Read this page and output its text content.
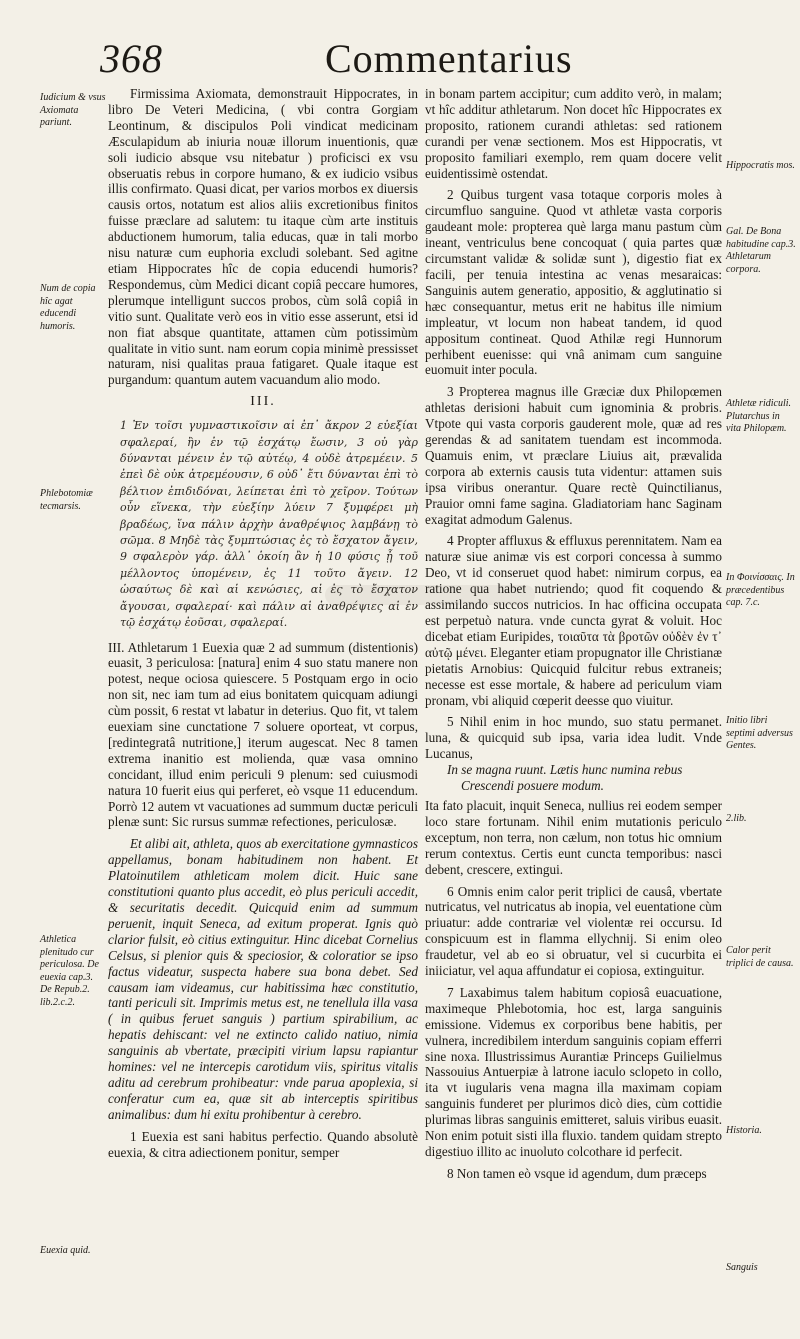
368	Commentarius

Firmissima Axiomata, demonstrauit Hippocrates, in libro De Veteri Medicina, ( vbi contra Gorgiam Leontinum, & discipulos Poli vindicat medicinam Æsculapidum ab iniuria nouæ illorum inuentionis, quæ soli iudicio absque vsu nitebatur ) proficisci ex vsu obseruatis rebus in corpore humano, & ex iudicio vsibus illis confirmato. Quasi dicat, per varios morbos ex diuersis causis ortos, notatum est alios aliis excretionibus finitos fuisse præclare ad salutem: tu itaque cùm arte instituis abductionem humorum, talia educas, quæ in tali morbo nisu naturæ cum euphoria excludi solebant. Sed agitne etiam Hippocrates hîc de copia educendi humoris? Respondemus, cùm Medici dicant copiâ peccare humores, plerumque intelligunt succos probos, cùm solâ copiâ in vitio sunt. Qualitate verò eos in vitio esse asserunt, etsi id non fiat absque quantitate, attamen cùm potissimùm qualitate in vitio sunt. nam eorum copia minimè pressisset naturam, nisi qualitas praua fatigaret. Quale itaque est purgandum: quantum autem vacuandum alio modo.

III.

1 Ἐν τοῖσι γυμναστικοῖσιν αἱ ἐπ᾽ ἄκρον 2 εὐεξίαι σφαλεραί, ἢν ἐν τῷ ἐσχάτῳ ἔωσιν, 3 οὐ γὰρ δύνανται μένειν ἐν τῷ αὐτέῳ, 4 οὐδὲ ἀτρεμέειν. 5 ἐπεὶ δὲ οὐκ ἀτρεμέουσιν, 6 οὐδ᾽ ἔτι δύνανται ἐπὶ τὸ βέλτιον ἐπιδιδόναι, λείπεται ἐπὶ τὸ χεῖρον. Τούτων οὖν εἵνεκα, τὴν εὐεξίην λύειν 7 ξυμφέρει μὴ βραδέως, ἵνα πάλιν ἀρχὴν ἀναθρέψιος λαμβάνῃ τὸ σῶμα. 8 Μηδὲ τὰς ξυμπτώσιας ἐς τὸ ἔσχατον ἄγειν, 9 σφαλερὸν γάρ. ἀλλ᾽ ὁκοίη ἂν ἡ 10 φύσις ᾖ τοῦ μέλλοντος ὑπομένειν, ἐς 11 τοῦτο ἄγειν. 12 ὡσαύτως δὲ καὶ αἱ κενώσιες, αἱ ἐς τὸ ἔσχατον ἄγουσαι, σφαλεραί· καὶ πάλιν αἱ ἀναθρέψιες αἱ ἐν τῷ ἐσχάτῳ ἐοῦσαι, σφαλεραί.

III. Athletarum 1 Euexia quæ 2 ad summum (distentionis) euasit, 3 periculosa: [natura] enim 4 suo statu manere non potest, neque ociosa quiescere. 5 Postquam ergo in ocio non sit, nec iam tum ad eius bonitatem quicquam adiungi cùm possit, 6 restat vt labatur in deterius. Quo fit, vt talem euexiam sine cunctatione 7 soluere oporteat, vt corpus, [redintegratâ nutritione,] iterum augescat. Nec 8 tamen extrema inanitio est molienda, quæ vasa omnino concidant, illud enim periculi 9 plenum: sed cuiusmodi natura 10 fuerit eius qui perferet, eò vsque 11 educendum. Porrò 12 autem vt vacuationes ad summum ductæ periculi plenæ sunt: Sic rursus summæ refectiones, periculosæ.

Et alibi ait, athleta, quos ab exercitatione gymnasticos appellamus, bonam habitudinem non habent. Et Platoinutilem athleticam molem dicit. Huic sane constitutioni quanto plus accedit, eò plus periculi accedit, & securitatis decedit. Quicquid enim ad summum peruenit, inquit Seneca, ad exitum properat. Ignis quò clarior fulsit, eò citius extinguitur. Hinc dicebat Cornelius Celsus, si plenior quis & speciosior, & coloratior se ipso factus videatur, suspecta habere sua bona debet. Sed causam iam videamus, cur habitissima hæc constitutio, tanti periculi sit. Imprimis metus est, ne tenellula illa vasa ( in quibus feruet sanguis ) partium spirabilium, ac hepatis dehiscant: vel ne extincto calido natiuo, nimia sanguinis ab vbertate, præcipiti virium lapsu rapiantur homines: vel ne intercepis carotidum viis, spiritus vitalis aditu ad cerebrum prohibeatur: vnde parua apoplexia, si conferatur cum ea, quæ sit ab interceptis spiritibus animalibus: dum hi exitu prohibentur à cerebro.

1 Euexia est sani habitus perfectio. Quando absolutè euexia, & citra adiectionem ponitur, semper

in bonam partem accipitur; cum addito verò, in malam; vt hîc additur athletarum. Non docet hîc Hippocrates ex proposito, rationem curandi athletas: sed rationem curandi per venæ sectionem. Mos est Hippocratis, vt proposito familiari exemplo, rem quam docere velit euidentissimè ostendat.

2 Quibus turgent vasa totaque corporis moles à circumfluo sanguine. Quod vt athletæ vasta corporis gaudeant mole: propterea què larga manu pastum cùm ineant, ventriculus bene concoquat ( quia partes quæ circumstant validæ & solidæ sunt ), digestio fiat ex facili, per tenuia intestina ac venas mesaraicas: Sanguinis autem generatio, appositio, & agglutinatio si hæc consequantur, metus erit ne habitus ille nimium impleatur, vt locum non habeat tandem, id quod appositum contineat. Quod Athilæ regi Hunnorum perhibent euenisse: qui vnâ animam cum sanguine euomuit inter pocula.

3 Propterea magnus ille Græciæ dux Philopœmen athletas derisioni habuit cum ignominia & probris. Vtpote qui vasta corporis gauderent mole, quæ ad res gerendas & ad sanitatem tuendam est incommoda. Quamuis enim, vt præclare Liuius ait, prævalida corpora ab externis causis tuta videntur: attamen suis ipsa viribus onerantur. Quare rectè Quinctilianus, Prauior omni fame sagina. Gladiatoriam hanc Saginam exagitat admodum Galenus.

4 Propter affluxus & effluxus perennitatem. Nam ea naturæ siue animæ vis est corpori concessa à summo Deo, vt id conseruet quod habet: nimirum corpus, ea ratione qua habet nutriendo; quod fit coquendo & assimilando succos nutricios. In hac officina occupata est perpetuò natura. vnde cuncta gyrat & voluit. Hoc dicebat etiam Euripides, τοιαῦτα τὰ βροτῶν οὐδὲν ἐν τ᾽ αὐτῷ μένει. Eleganter etiam propugnator ille Christianæ pietatis Arnobius: Quicquid fulcitur rebus extraneis; necesse est esse mortale, & habere ad periculum viam pronam, vbi aliquid cœperit deesse quo viuitur.

5 Nihil enim in hoc mundo, suo statu permanet. luna, & quicquid sub ipsa, varia idea ludit. Vnde Lucanus,

In se magna ruunt. Lætis hunc numina rebus
Crescendi posuere modum.

Ita fato placuit, inquit Seneca, nullius rei eodem semper loco stare fortunam. Nihil enim mutationis periculo exceptum, non terra, non cælum, non totus hic omnium rerum contextus. Certis eunt cuncta temporibus: nasci debent, crescere, extingui.

6 Omnis enim calor perit triplici de causâ, vbertate nutricatus, vel nutricatus ab inopia, vel euentatione cùm priuatur: adde contrariæ vel violentæ rei occursu. Id conspicuum est in flamma ellychnij. Si enim oleo fraudetur, vel ab eo si obruatur, vel si cucurbita ei iniiciatur, vel aqua affundatur ei copiosa, extinguitur.

7 Laxabimus talem habitum copiosâ euacuatione, maximeque Phlebotomia, hoc est, larga sanguinis emissione. Videmus ex corporibus bene habitis, per vulnera, incredibilem interdum sanguinis copiam efferri sine noxa. Illustrissimus Aurantiæ Princeps Guilielmus Nassouius Antuerpiæ à latrone iaculo sclopeto in collo, ita vt iugularis vena magna illa maximam copiam sanguinis funderet per plurimos dicò dies, cùm cottidie plurimas libras sanguinis emitteret, saluis viribus euasit. Non enim potuit sisti illa fluxio. tandem quidam strepto digestiuo illito ac inuoluto colcothare id perfecit.

8 Non tamen eò vsque id agendum, dum præceps

Iudicium & vsus Axiomata pariunt.
Num de copia hîc agat educendi humoris.
Phlebotomiæ tecmarsis.
Athletica plenitudo cur periculosa. De euexia cap.3. De Repub.2. lib.2.c.2.
Euexia quid.
Hippocratis mos.
Gal. De Bona habitudine cap.3. Athletarum corpora.
Athletæ ridiculi. Plutarchus in vita Philopæm.
In Φοινίσσαις. In præcedentibus cap. 7.c.
Initio libri septimi adversus Gentes.
2.lib.
Calor perit triplici de causa.
Historia.
Sanguis
